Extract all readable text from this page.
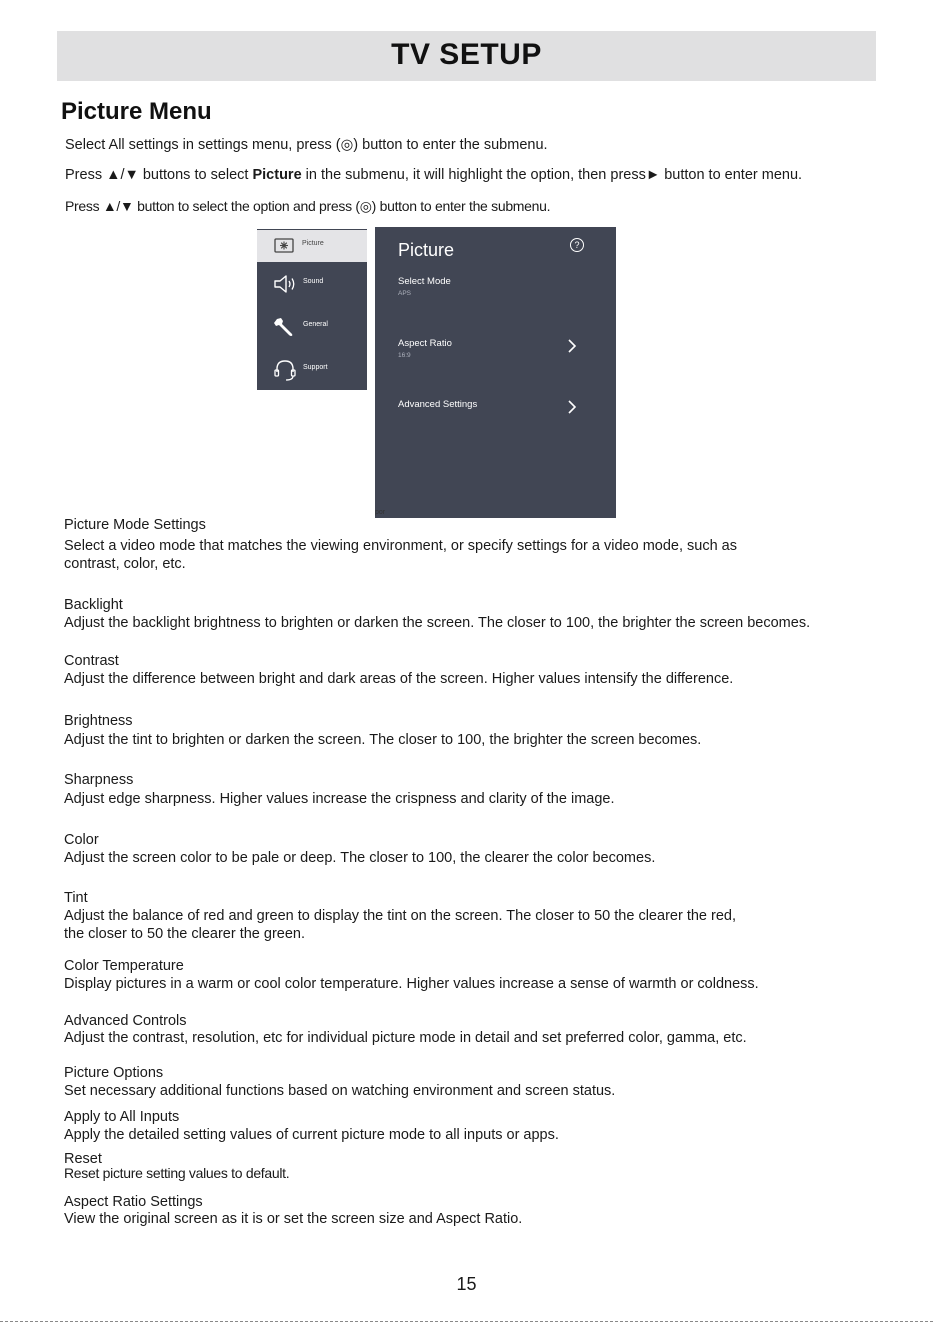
TV SETUP
Picture Menu
Select All settings in settings menu, press (◎) button to enter the submenu.
Press ▲/▼ buttons to select Picture in the submenu, it will highlight the option, then press► button to enter menu.
Press ▲/▼ button to select the option and press (◎) button to enter the submenu.
Picture
Sound
General
Support
Picture	?
Select Mode
APS
Aspect Ratio
16:9
Advanced Settings
por
Picture Mode Settings
Select a video mode that matches the viewing environment, or specify settings for a video mode, such as
contrast, color, etc.
Backlight
Adjust the backlight brightness to brighten or darken the screen. The closer to 100, the brighter the screen becomes.
Contrast
Adjust the difference between bright and dark areas of the screen. Higher values intensify the difference.
Brightness
Adjust the tint to brighten or darken the screen. The closer to 100, the brighter the screen becomes.
Sharpness
Adjust edge sharpness. Higher values increase the crispness and clarity of the image.
Color
Adjust the screen color to be pale or deep. The closer to 100, the clearer the color becomes.
Tint
Adjust the balance of red and green to display the tint on the screen. The closer to 50 the clearer the red,
the closer to 50 the clearer the green.
Color Temperature
Display pictures in a warm or cool color temperature. Higher values increase a sense of warmth or coldness.
Advanced Controls
Adjust the contrast, resolution, etc for individual picture mode in detail and set preferred color, gamma, etc.
Picture Options
Set necessary additional functions based on watching environment and screen status.
Apply to All Inputs
Apply the detailed setting values of current picture mode to all inputs or apps.
Reset
Reset picture setting values to default.
Aspect Ratio Settings
View the original screen as it is or set the screen size and Aspect Ratio.
15
